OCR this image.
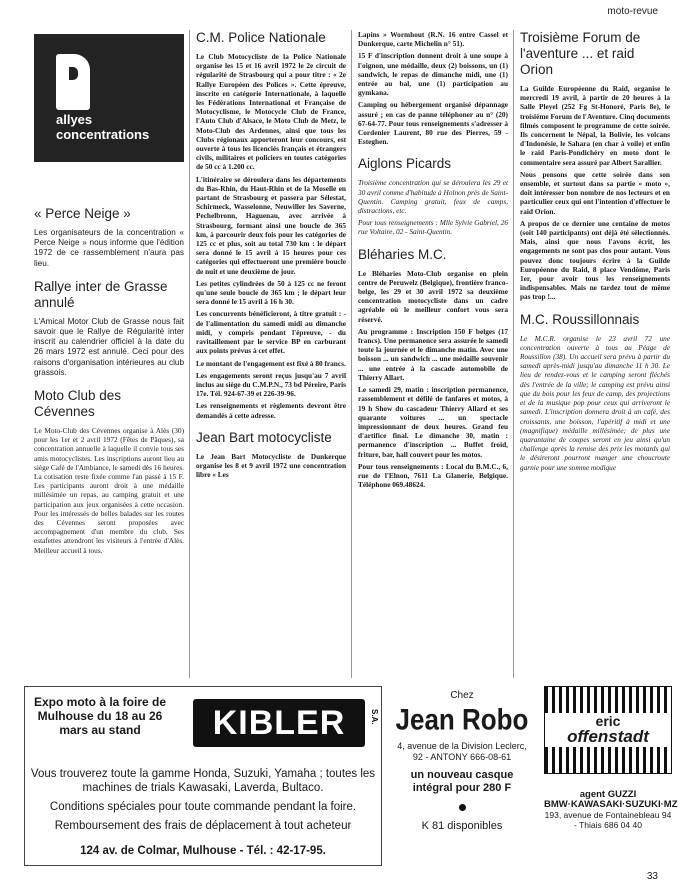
moto-revue
allyes
concentrations
« Perce Neige »

Les organisateurs de la concentration « Perce Neige » nous informe que l'édition 1972 de ce rassemblement n'aura pas lieu.

Rallye inter de Grasse annulé

L'Amical Motor Club de Grasse nous fait savoir que le Rallye de Régularité inter inscrit au calendrier officiel à la date du 26 mars 1972 est annulé. Ceci pour des raisons d'organisation intérieures au club grassois.

Moto Club des Cévennes

Le Moto-Club des Cévennes organise à Alès (30) pour les 1er et 2 avril 1972 (Fêtes de Pâques), sa concentration annuelle à laquelle il convie tous ses amis motocyclistes. Les inscriptions auront lieu au siège Café de l'Ambiance, le samedi dès 16 heures. La cotisation reste fixée comme l'an passé à 15 F. Les participants auront droit à une médaille millésimée un repas, au camping gratuit et une participation aux jeux organisées à cette occasion. Pour les intéressés de belles balades sur les routes des Cévennes seront proposées avec accompagnement d'un membre du club. Ses estafettes attendront les visiteurs à l'entrée d'Alès. Meilleur accueil à tous.

C.M. Police Nationale

Le Club Motocycliste de la Police Nationale organise les 15 et 16 avril 1972 le 2e circuit de régularité de Strasbourg qui a pour titre : « 2e Rallye Européen des Polices ». Cette épreuve, inscrite en catégorie Internationale, à laquelle les Fédérations International et Française de Motocyclisme, le Motocycle Club de France, l'Auto Club d'Alsace, le Moto Club de Metz, le Moto-Club des Ardennes, ainsi que tous les Clubs régionaux apporteront leur concours, est ouverte à tous les licenciés français et étrangers civils, militaires et policiers en toutes catégories de 50 cc à 1.200 cc.

L'itinéraire se déroulera dans les départements du Bas-Rhin, du Haut-Rhin et de la Moselle en partant de Strasbourg et passera par Sélestat, Schirmeck, Wasselonne, Neuwiller les Saverne, Pechelbronn, Haguenau, avec arrivée à Strasbourg, formant ainsi une boucle de 365 km, à parcourir deux fois pour les catégories de 125 cc et plus, soit au total 730 km : le départ sera donné le 15 avril à 15 heures pour ces catégories qui effectueront une première boucle de nuit et une deuxième de jour.

Les petites cylindrées de 50 à 125 cc ne feront qu'une seule boucle de 365 km ; le départ leur sera donné le 15 avril à 16 h 30.

Les concurrents bénéficieront, à titre gratuit : - de l'alimentation du samedi midi au dimanche midi, y compris pendant l'épreuve, - du ravitaillement par le service BP en carburant aux points prévus à cet effet.

Le montant de l'engagement est fixé à 80 francs.

Les engagements seront reçus jusqu'au 7 avril inclus au siège du C.M.P.N., 73 bd Péreire, Paris 17e. Tél. 924-67-39 et 226-39-96.

Les renseignements et règlements devront être demandés à cette adresse.

Jean Bart motocycliste

Le Jean Bart Motocycliste de Dunkerque organise les 8 et 9 avril 1972 une concentration libre « Les

Lapins » Wormhout (R.N. 16 entre Cassel et Dunkerque, carte Michelin n° 51).

15 F d'inscription donnent droit à une soupe à l'oignon, une médaille, deux (2) boissons, un (1) sandwich, le repas de dimanche midi, une (1) entrée au bal, une (1) participation au gymkana.

Camping ou hébergement organisé dépannage assuré ; en cas de panne téléphoner au n° (20) 67-64-77. Pour tous renseignements s'adresser à Cordenier Laurent, 80 rue des Pierres, 59 - Esteghen.

Aiglons Picards

Troisième concentration qui se déroulera les 29 et 30 avril comme d'habitude à Holnon près de Saint-Quentin. Camping gratuit, feux de camps, distractions, etc.

Pour tous renseignements : Mlle Sylvie Gabriel, 26 rue Voltaire, 02 - Saint-Quentin.

Bléharies M.C.

Le Bléharies Moto-Club organise en plein centre de Peruwelz (Belgique), frontière franco-belge, les 29 et 30 avril 1972 sa deuxième concentration motocycliste dans un cadre agréable où le meilleur confort vous sera réservé.

Au programme : Inscription 150 F belges (17 francs). Une permanence sera assurée le samedi toute la journée et le dimanche matin. Avec une boisson ... un sandwich ... une médaille souvenir ... une entrée à la cascade automobile de Thierry Allart.

Le samedi 29, matin : inscription permanence, rassemblement et défilé de fanfares et motos, à 19 h Show du cascadeur Thierry Allard et ses quarante voitures ... un spectacle impressionnant de deux heures. Grand feu d'artifice final. Le dimanche 30, matin : permanence d'inscription ... Buffet froid, friture, bar, hall couvert pour les motos.

Pour tous renseignements : Local du B.M.C., 6, rue de l'Elnon, 7611 La Glanerie, Belgique. Téléphone 069.48624.

Troisième Forum de l'aventure ... et raid Orion

La Guilde Européenne du Raid, organise le mercredi 19 avril, à partir de 20 heures à la Salle Pleyel (252 Fg St-Honoré, Paris 8e), le troisième Forum de l'Aventure. Cinq documents filmés composent le programme de cette soirée. Ils concernent le Népal, la Bolivie, les volcans d'Indonésie, le Sahara (en char à voile) et enfin le raid Paris-Pondichéry en moto dont le commentaire sera assuré par Albert Sarallier.

Nous pensons que cette soirée dans son ensemble, et surtout dans sa partie « moto », doit intéresser bon nombre de nos lecteurs et en particulier ceux qui ont l'intention d'effectuer le raid Orion.

A propos de ce dernier une centaine de motos (soit 140 participants) ont déjà été sélectionnés. Mais, ainsi que nous l'avons écrit, les engagements ne sont pas clos pour autant. Vous pouvez donc toujours écrire à la Guilde Européenne du Raid, 8 place Vendôme, Paris 1er, pour avoir tous les renseignements indispensables. Mais ne tardez tout de même pas trop !...

M.C. Roussillonnais

Le M.C.R. organise le 23 avril 72 une concentration ouverte à tous au Péage de Roussillon (38). Un accueil sera prévu à partir du samedi après-midi jusqu'au dimanche 11 h 30. Le lieu de rendez-vous et le camping seront fléchés dès l'entrée de la ville; le camping est prévu ainsi que du bois pour les feux de camp, des projections et de la musique pop pour ceux qui arriveront le samedi. L'inscription donnera droit à un café, des croissants, une boisson, l'apéritif à midi et une (magnifique) médaille millésimée; de plus une quarantaine de coupes seront en jeu ainsi qu'un challenge après la remise des prix les motards qui le désireront pourront manger une choucroute garnie pour une somme modique

Expo moto à la foire de Mulhouse du 18 au 26 mars au stand	KIBLER	S.A.
Vous trouverez toute la gamme Honda, Suzuki, Yamaha ; toutes les machines de trials Kawasaki, Laverda, Bultaco.
Conditions spéciales pour toute commande pendant la foire.
Remboursement des frais de déplacement à tout acheteur
124 av. de Colmar, Mulhouse - Tél. : 42-17-95.
Chez
Jean Robo
4, avenue de la Division Leclerc, 92 - ANTONY 666-08-61
un nouveau casque intégral pour 280 F
K 81 disponibles
eric
offenstadt
agent GUZZI
BMW·KAWASAKI·SUZUKI·MZ
193, avenue de Fontainebleau 94 - Thiais 686 04 40
33
